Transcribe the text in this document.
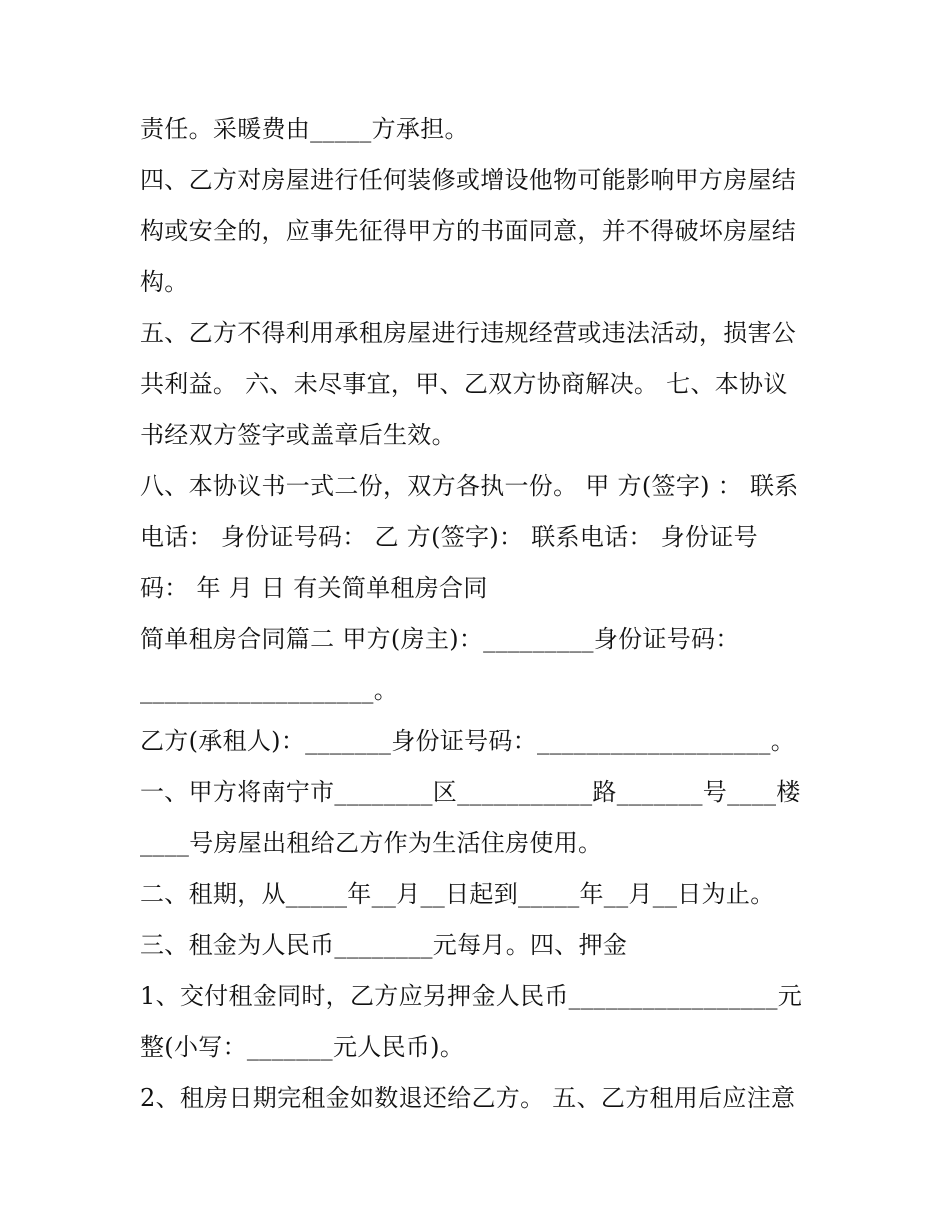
责任。采暖费由_____方承担。
四、乙方对房屋进行任何装修或增设他物可能影响甲方房屋结
构或安全的，应事先征得甲方的书面同意，并不得破坏房屋结
构。
五、乙方不得利用承租房屋进行违规经营或违法活动，损害公
共利益。 六、未尽事宜，甲、乙双方协商解决。 七、本协议
书经双方签字或盖章后生效。
八、本协议书一式二份，双方各执一份。 甲 方(签字) ： 联系
电话： 身份证号码： 乙 方(签字)： 联系电话： 身份证号
码： 年 月 日 有关简单租房合同
简单租房合同篇二 甲方(房主)：_________身份证号码：
___________________。
乙方(承租人)：_______身份证号码：___________________。
一、甲方将南宁市________区___________路_______号____楼
____号房屋出租给乙方作为生活住房使用。
二、租期，从_____年__月__日起到_____年__月__日为止。
三、租金为人民币________元每月。四、押金
1、交付租金同时，乙方应另押金人民币_________________元
整(小写：_______元人民币)。
2、租房日期完租金如数退还给乙方。 五、乙方租用后应注意
